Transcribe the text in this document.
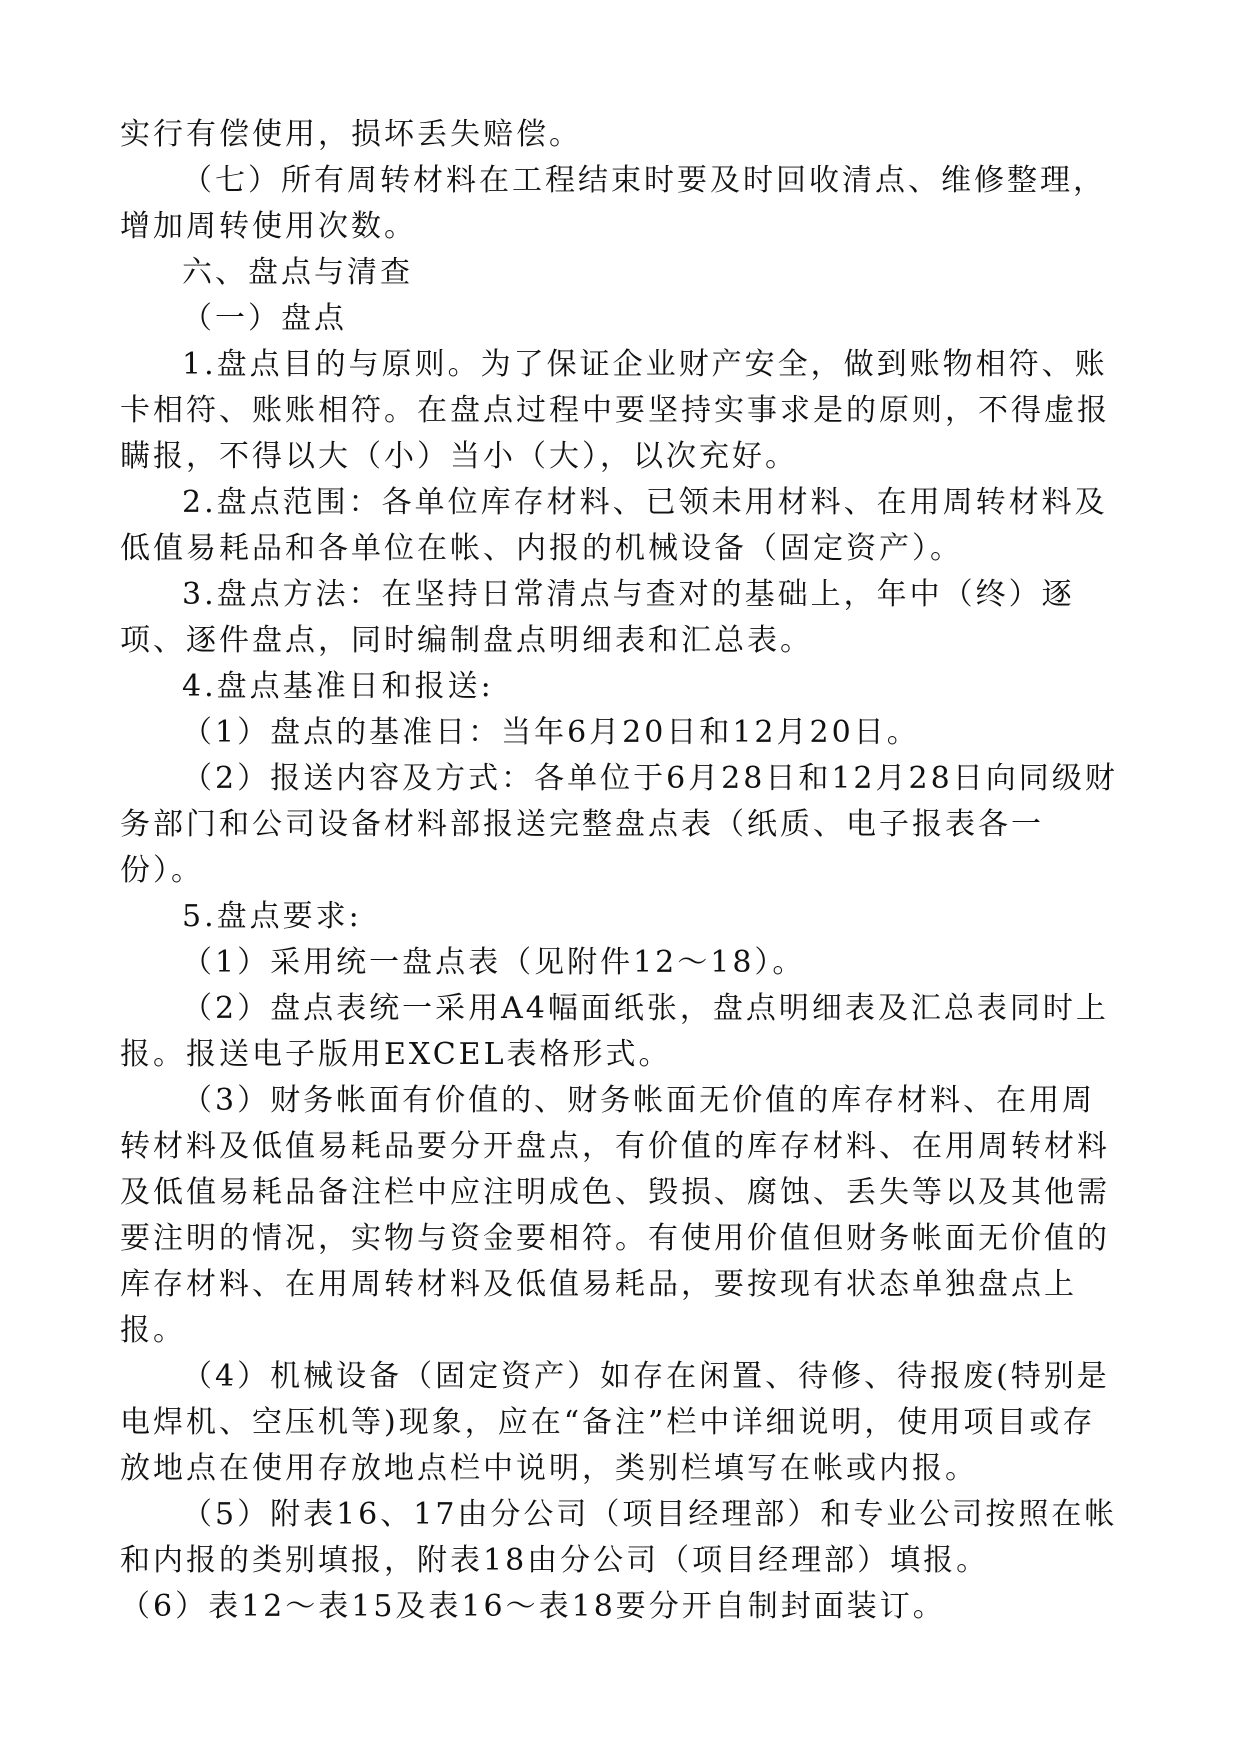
实行有偿使用，损坏丢失赔偿。

（七）所有周转材料在工程结束时要及时回收清点、维修整理，增加周转使用次数。

六、盘点与清查

（一）盘点

1.盘点目的与原则。为了保证企业财产安全，做到账物相符、账卡相符、账账相符。在盘点过程中要坚持实事求是的原则，不得虚报瞒报，不得以大（小）当小（大），以次充好。

2.盘点范围：各单位库存材料、已领未用材料、在用周转材料及低值易耗品和各单位在帐、内报的机械设备（固定资产）。

3.盘点方法：在坚持日常清点与查对的基础上，年中（终）逐项、逐件盘点，同时编制盘点明细表和汇总表。

4.盘点基准日和报送:

（1）盘点的基准日：当年6月20日和12月20日。

（2）报送内容及方式：各单位于6月28日和12月28日向同级财务部门和公司设备材料部报送完整盘点表（纸质、电子报表各一份）。

5.盘点要求:

（1）采用统一盘点表（见附件12～18）。

（2）盘点表统一采用A4幅面纸张，盘点明细表及汇总表同时上报。报送电子版用EXCEL表格形式。

（3）财务帐面有价值的、财务帐面无价值的库存材料、在用周转材料及低值易耗品要分开盘点，有价值的库存材料、在用周转材料及低值易耗品备注栏中应注明成色、毁损、腐蚀、丢失等以及其他需要注明的情况，实物与资金要相符。有使用价值但财务帐面无价值的库存材料、在用周转材料及低值易耗品，要按现有状态单独盘点上报。

（4）机械设备（固定资产）如存在闲置、待修、待报废(特别是电焊机、空压机等)现象，应在“备注”栏中详细说明，使用项目或存放地点在使用存放地点栏中说明，类别栏填写在帐或内报。

（5）附表16、17由分公司（项目经理部）和专业公司按照在帐和内报的类别填报，附表18由分公司（项目经理部）填报。

（6）表12～表15及表16～表18要分开自制封面装订。
